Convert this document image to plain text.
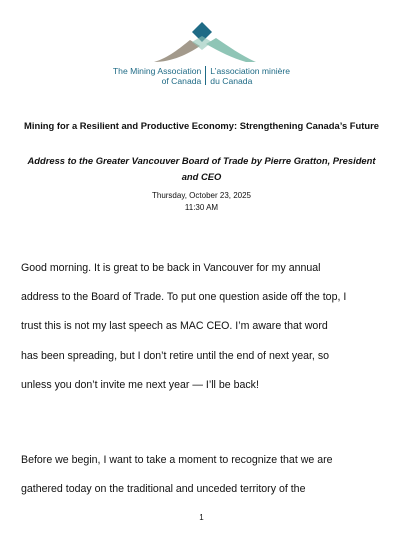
The Mining Association
of Canada
L’association minière
du Canada
Mining for a Resilient and Productive Economy: Strengthening Canada’s Future
Address to the Greater Vancouver Board of Trade by Pierre Gratton, President and CEO
Thursday, October 23, 2025
11:30 AM
Good morning. It is great to be back in Vancouver for my annual
address to the Board of Trade. To put one question aside off the top, I
trust this is not my last speech as MAC CEO. I’m aware that word
has been spreading, but I don’t retire until the end of next year, so
unless you don’t invite me next year — I’ll be back!
Before we begin, I want to take a moment to recognize that we are
gathered today on the traditional and unceded territory of the
1
